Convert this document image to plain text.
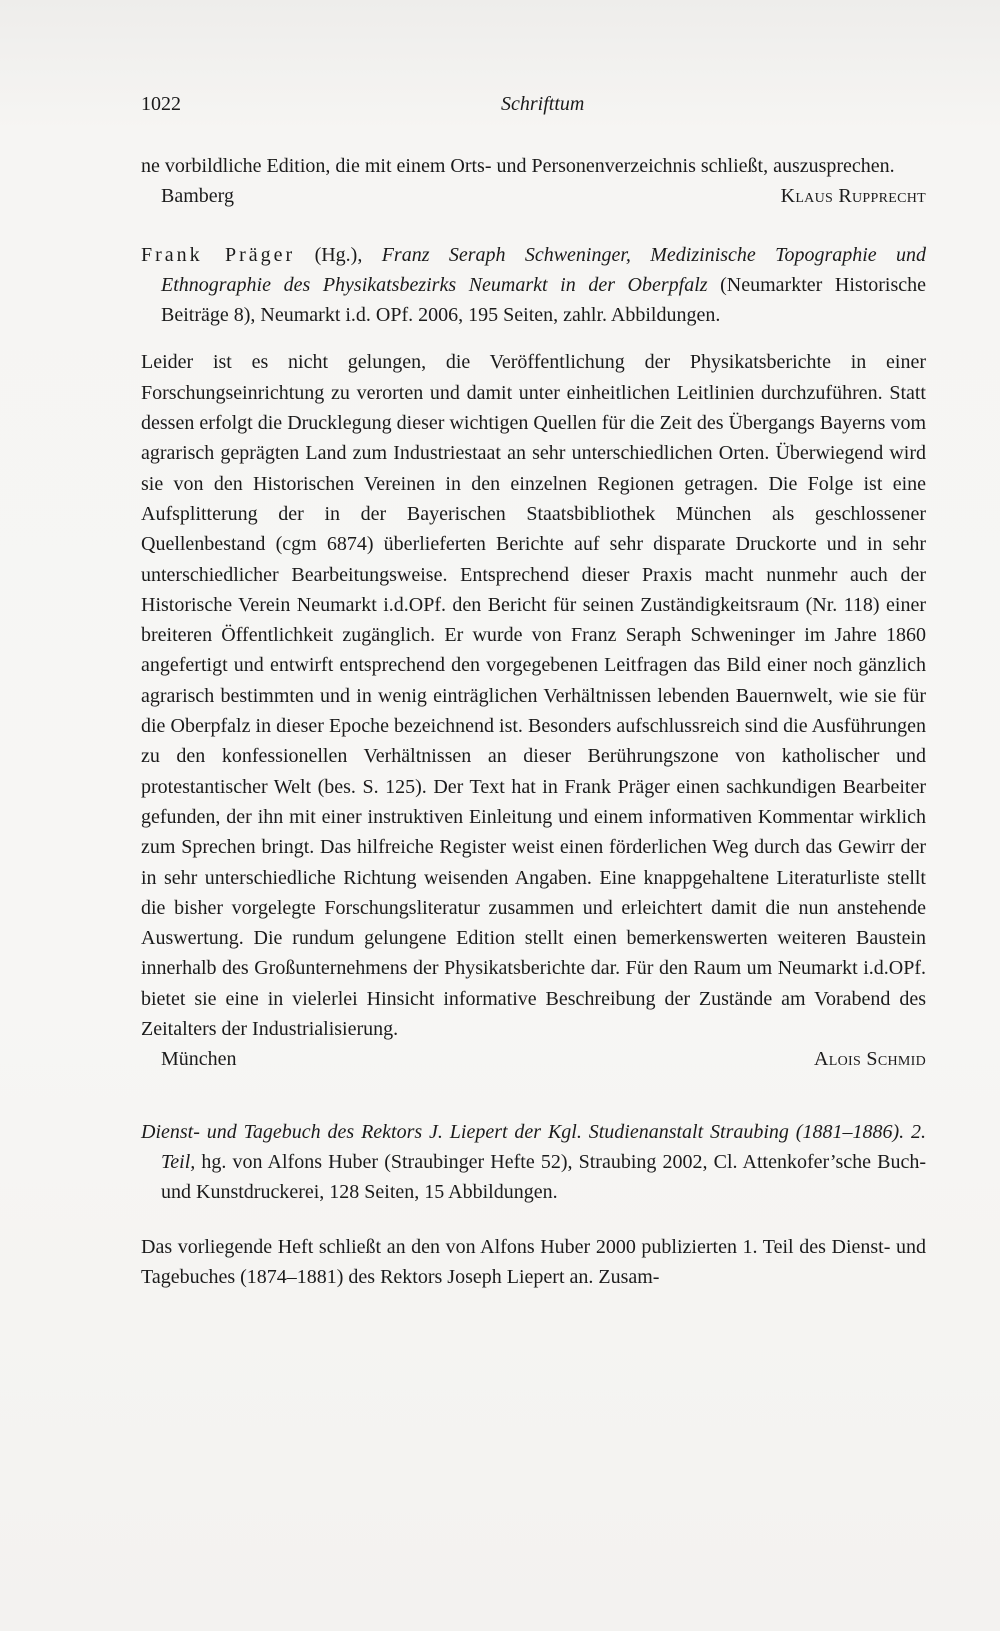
1022	Schrifttum

ne vorbildliche Edition, die mit einem Orts- und Personenverzeichnis schließt, auszusprechen.

Bamberg	Klaus Rupprecht

Frank Präger (Hg.), Franz Seraph Schweninger, Medizinische Topographie und Ethnographie des Physikatsbezirks Neumarkt in der Oberpfalz (Neumarkter Historische Beiträge 8), Neumarkt i.d. OPf. 2006, 195 Seiten, zahlr. Abbildungen.

Leider ist es nicht gelungen, die Veröffentlichung der Physikatsberichte in einer Forschungseinrichtung zu verorten und damit unter einheitlichen Leitlinien durchzuführen. Statt dessen erfolgt die Drucklegung dieser wichtigen Quellen für die Zeit des Übergangs Bayerns vom agrarisch geprägten Land zum Industriestaat an sehr unterschiedlichen Orten. Überwiegend wird sie von den Historischen Vereinen in den einzelnen Regionen getragen. Die Folge ist eine Aufsplitterung der in der Bayerischen Staatsbibliothek München als geschlossener Quellenbestand (cgm 6874) überlieferten Berichte auf sehr disparate Druckorte und in sehr unterschiedlicher Bearbeitungsweise. Entsprechend dieser Praxis macht nunmehr auch der Historische Verein Neumarkt i.d.OPf. den Bericht für seinen Zuständigkeitsraum (Nr. 118) einer breiteren Öffentlichkeit zugänglich. Er wurde von Franz Seraph Schweninger im Jahre 1860 angefertigt und entwirft entsprechend den vorgegebenen Leitfragen das Bild einer noch gänzlich agrarisch bestimmten und in wenig einträglichen Verhältnissen lebenden Bauernwelt, wie sie für die Oberpfalz in dieser Epoche bezeichnend ist. Besonders aufschlussreich sind die Ausführungen zu den konfessionellen Verhältnissen an dieser Berührungszone von katholischer und protestantischer Welt (bes. S. 125). Der Text hat in Frank Präger einen sachkundigen Bearbeiter gefunden, der ihn mit einer instruktiven Einleitung und einem informativen Kommentar wirklich zum Sprechen bringt. Das hilfreiche Register weist einen förderlichen Weg durch das Gewirr der in sehr unterschiedliche Richtung weisenden Angaben. Eine knappgehaltene Literaturliste stellt die bisher vorgelegte Forschungsliteratur zusammen und erleichtert damit die nun anstehende Auswertung. Die rundum gelungene Edition stellt einen bemerkenswerten weiteren Baustein innerhalb des Großunternehmens der Physikatsberichte dar. Für den Raum um Neumarkt i.d.OPf. bietet sie eine in vielerlei Hinsicht informative Beschreibung der Zustände am Vorabend des Zeitalters der Industrialisierung.

München	Alois Schmid

Dienst- und Tagebuch des Rektors J. Liepert der Kgl. Studienanstalt Straubing (1881–1886). 2. Teil, hg. von Alfons Huber (Straubinger Hefte 52), Straubing 2002, Cl. Attenkofer’sche Buch- und Kunstdruckerei, 128 Seiten, 15 Abbildungen.

Das vorliegende Heft schließt an den von Alfons Huber 2000 publizierten 1. Teil des Dienst- und Tagebuches (1874–1881) des Rektors Joseph Liepert an. Zusam-
